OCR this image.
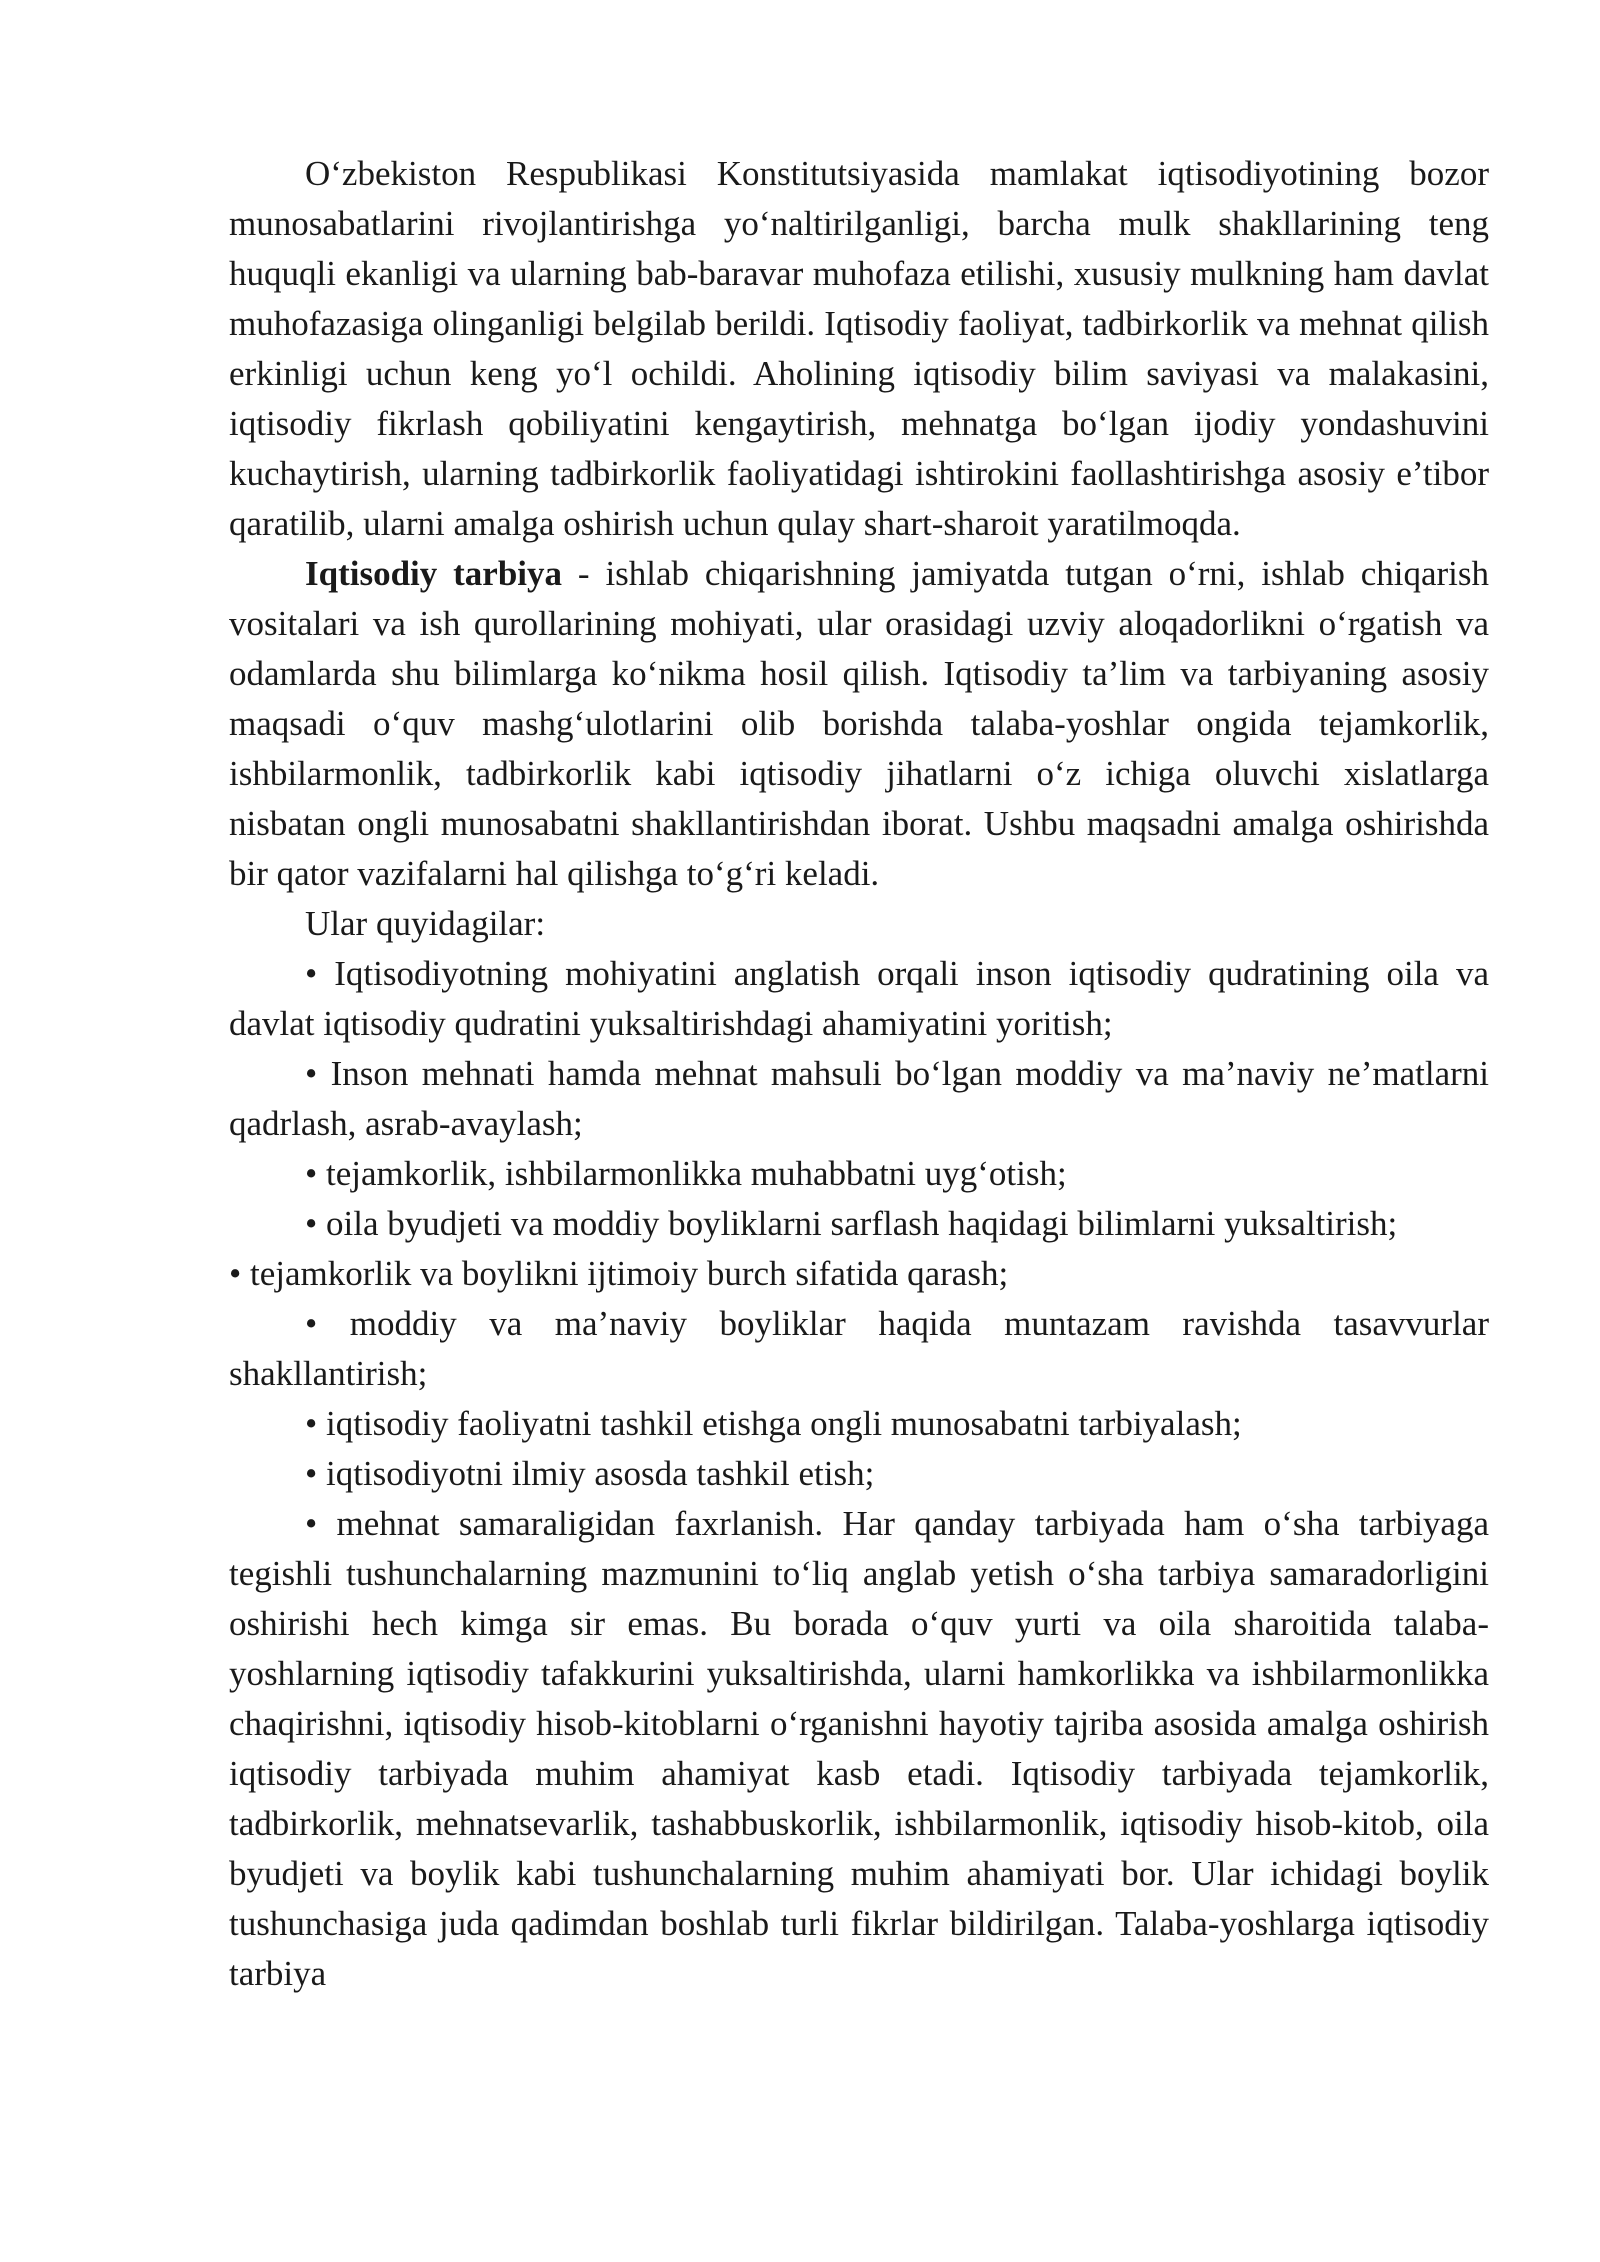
O‘zbekiston Respublikasi Konstitutsiyasida mamlakat iqtisodiyotining bozor munosabatlarini rivojlantirishga yo‘naltirilganligi, barcha mulk shakllarining teng huquqli ekanligi va ularning bab-baravar muhofaza etilishi, xususiy mulkning ham davlat muhofazasiga olinganligi belgilab berildi. Iqtisodiy faoliyat, tadbirkorlik va mehnat qilish erkinligi uchun keng yo‘l ochildi. Aholining iqtisodiy bilim saviyasi va malakasini, iqtisodiy fikrlash qobiliyatini kengaytirish, mehnatga bo‘lgan ijodiy yondashuvini kuchaytirish, ularning tadbirkorlik faoliyatidagi ishtirokini faollashtirishga asosiy e’tibor qaratilib, ularni amalga oshirish uchun qulay shart-sharoit yaratilmoqda.

Iqtisodiy tarbiya - ishlab chiqarishning jamiyatda tutgan o‘rni, ishlab chiqarish vositalari va ish qurollarining mohiyati, ular orasidagi uzviy aloqadorlikni o‘rgatish va odamlarda shu bilimlarga ko‘nikma hosil qilish. Iqtisodiy ta’lim va tarbiyaning asosiy maqsadi o‘quv mashg‘ulotlarini olib borishda talaba-yoshlar ongida tejamkorlik, ishbilarmonlik, tadbirkorlik kabi iqtisodiy jihatlarni o‘z ichiga oluvchi xislatlarga nisbatan ongli munosabatni shakllantirishdan iborat. Ushbu maqsadni amalga oshirishda bir qator vazifalarni hal qilishga to‘g‘ri keladi.

Ular quyidagilar:

• Iqtisodiyotning mohiyatini anglatish orqali inson iqtisodiy qudratining oila va davlat iqtisodiy qudratini yuksaltirishdagi ahamiyatini yoritish;

• Inson mehnati hamda mehnat mahsuli bo‘lgan moddiy va ma’naviy ne’matlarni qadrlash, asrab-avaylash;

• tejamkorlik, ishbilarmonlikka muhabbatni uyg‘otish;

• oila byudjeti va moddiy boyliklarni sarflash haqidagi bilimlarni yuksaltirish;

• tejamkorlik va boylikni ijtimoiy burch sifatida qarash;

• moddiy va ma’naviy boyliklar haqida muntazam ravishda tasavvurlar shakllantirish;

• iqtisodiy faoliyatni tashkil etishga ongli munosabatni tarbiyalash;

• iqtisodiyotni ilmiy asosda tashkil etish;

• mehnat samaraligidan faxrlanish. Har qanday tarbiyada ham o‘sha tarbiyaga tegishli tushunchalarning mazmunini to‘liq anglab yetish o‘sha tarbiya samaradorligini oshirishi hech kimga sir emas. Bu borada o‘quv yurti va oila sharoitida talaba-yoshlarning iqtisodiy tafakkurini yuksaltirishda, ularni hamkorlikka va ishbilarmonlikka chaqirishni, iqtisodiy hisob-kitoblarni o‘rganishni hayotiy tajriba asosida amalga oshirish iqtisodiy tarbiyada muhim ahamiyat kasb etadi. Iqtisodiy tarbiyada tejamkorlik, tadbirkorlik, mehnatsevarlik, tashabbuskorlik, ishbilarmonlik, iqtisodiy hisob-kitob, oila byudjeti va boylik kabi tushunchalarning muhim ahamiyati bor. Ular ichidagi boylik tushunchasiga juda qadimdan boshlab turli fikrlar bildirilgan. Talaba-yoshlarga iqtisodiy tarbiya
